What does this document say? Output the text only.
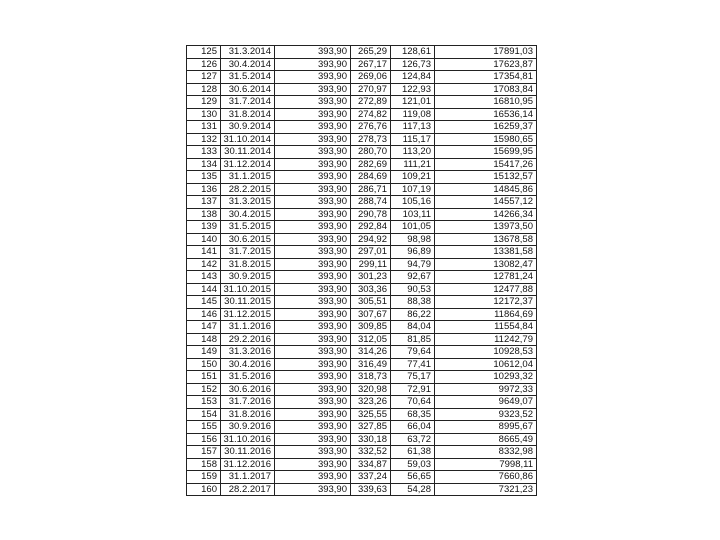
125	31.3.2014	393,90	265,29	128,61	17891,03
126	30.4.2014	393,90	267,17	126,73	17623,87
127	31.5.2014	393,90	269,06	124,84	17354,81
128	30.6.2014	393,90	270,97	122,93	17083,84
129	31.7.2014	393,90	272,89	121,01	16810,95
130	31.8.2014	393,90	274,82	119,08	16536,14
131	30.9.2014	393,90	276,76	117,13	16259,37
132	31.10.2014	393,90	278,73	115,17	15980,65
133	30.11.2014	393,90	280,70	113,20	15699,95
134	31.12.2014	393,90	282,69	111,21	15417,26
135	31.1.2015	393,90	284,69	109,21	15132,57
136	28.2.2015	393,90	286,71	107,19	14845,86
137	31.3.2015	393,90	288,74	105,16	14557,12
138	30.4.2015	393,90	290,78	103,11	14266,34
139	31.5.2015	393,90	292,84	101,05	13973,50
140	30.6.2015	393,90	294,92	98,98	13678,58
141	31.7.2015	393,90	297,01	96,89	13381,58
142	31.8.2015	393,90	299,11	94,79	13082,47
143	30.9.2015	393,90	301,23	92,67	12781,24
144	31.10.2015	393,90	303,36	90,53	12477,88
145	30.11.2015	393,90	305,51	88,38	12172,37
146	31.12.2015	393,90	307,67	86,22	11864,69
147	31.1.2016	393,90	309,85	84,04	11554,84
148	29.2.2016	393,90	312,05	81,85	11242,79
149	31.3.2016	393,90	314,26	79,64	10928,53
150	30.4.2016	393,90	316,49	77,41	10612,04
151	31.5.2016	393,90	318,73	75,17	10293,32
152	30.6.2016	393,90	320,98	72,91	9972,33
153	31.7.2016	393,90	323,26	70,64	9649,07
154	31.8.2016	393,90	325,55	68,35	9323,52
155	30.9.2016	393,90	327,85	66,04	8995,67
156	31.10.2016	393,90	330,18	63,72	8665,49
157	30.11.2016	393,90	332,52	61,38	8332,98
158	31.12.2016	393,90	334,87	59,03	7998,11
159	31.1.2017	393,90	337,24	56,65	7660,86
160	28.2.2017	393,90	339,63	54,28	7321,23
